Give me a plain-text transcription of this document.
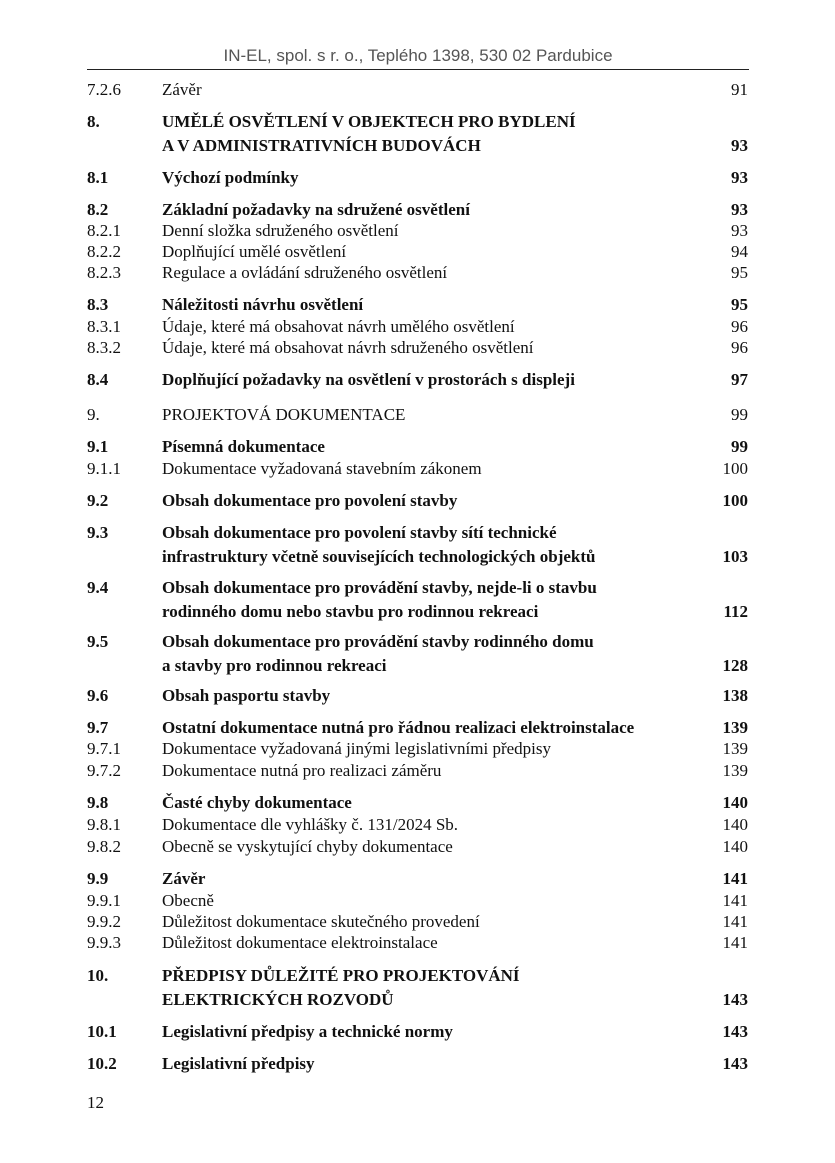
IN-EL, spol. s r. o., Teplého 1398, 530 02 Pardubice
7.2.6 Závěr	91
8.	UMĚLÉ OSVĚTLENÍ V OBJEKTECH PRO BYDLENÍ
A V ADMINISTRATIVNÍCH BUDOVÁCH	93
8.1	Výchozí podmínky	93
8.2	Základní požadavky na sdružené osvětlení	93
8.2.1 Denní složka sdruženého osvětlení	93
8.2.2 Doplňující umělé osvětlení	94
8.2.3 Regulace a ovládání sdruženého osvětlení	95
8.3	Náležitosti návrhu osvětlení	95
8.3.1 Údaje, které má obsahovat návrh umělého osvětlení	96
8.3.2 Údaje, které má obsahovat návrh sdruženého osvětlení	96
8.4	Doplňující požadavky na osvětlení v prostorách s displeji	97
9.	PROJEKTOVÁ DOKUMENTACE	99
9.1	Písemná dokumentace	99
9.1.1 Dokumentace vyžadovaná stavebním zákonem	100
9.2	Obsah dokumentace pro povolení stavby	100
9.3	Obsah dokumentace pro povolení stavby sítí technické
infrastruktury včetně souvisejících technologických objektů	103
9.4	Obsah dokumentace pro provádění stavby, nejde-li o stavbu
rodinného domu nebo stavbu pro rodinnou rekreaci	112
9.5	Obsah dokumentace pro provádění stavby rodinného domu
a stavby pro rodinnou rekreaci	128
9.6	Obsah pasportu stavby	138
9.7	Ostatní dokumentace nutná pro řádnou realizaci elektroinstalace	139
9.7.1 Dokumentace vyžadovaná jinými legislativními předpisy	139
9.7.2 Dokumentace nutná pro realizaci záměru	139
9.8	Časté chyby dokumentace	140
9.8.1 Dokumentace dle vyhlášky č. 131/2024 Sb.	140
9.8.2 Obecně se vyskytující chyby dokumentace	140
9.9	Závěr	141
9.9.1 Obecně	141
9.9.2 Důležitost dokumentace skutečného provedení	141
9.9.3 Důležitost dokumentace elektroinstalace	141
10.	PŘEDPISY DŮLEŽITÉ PRO PROJEKTOVÁNÍ
ELEKTRICKÝCH ROZVODŮ	143
10.1	Legislativní předpisy a technické normy	143
10.2	Legislativní předpisy	143
12
